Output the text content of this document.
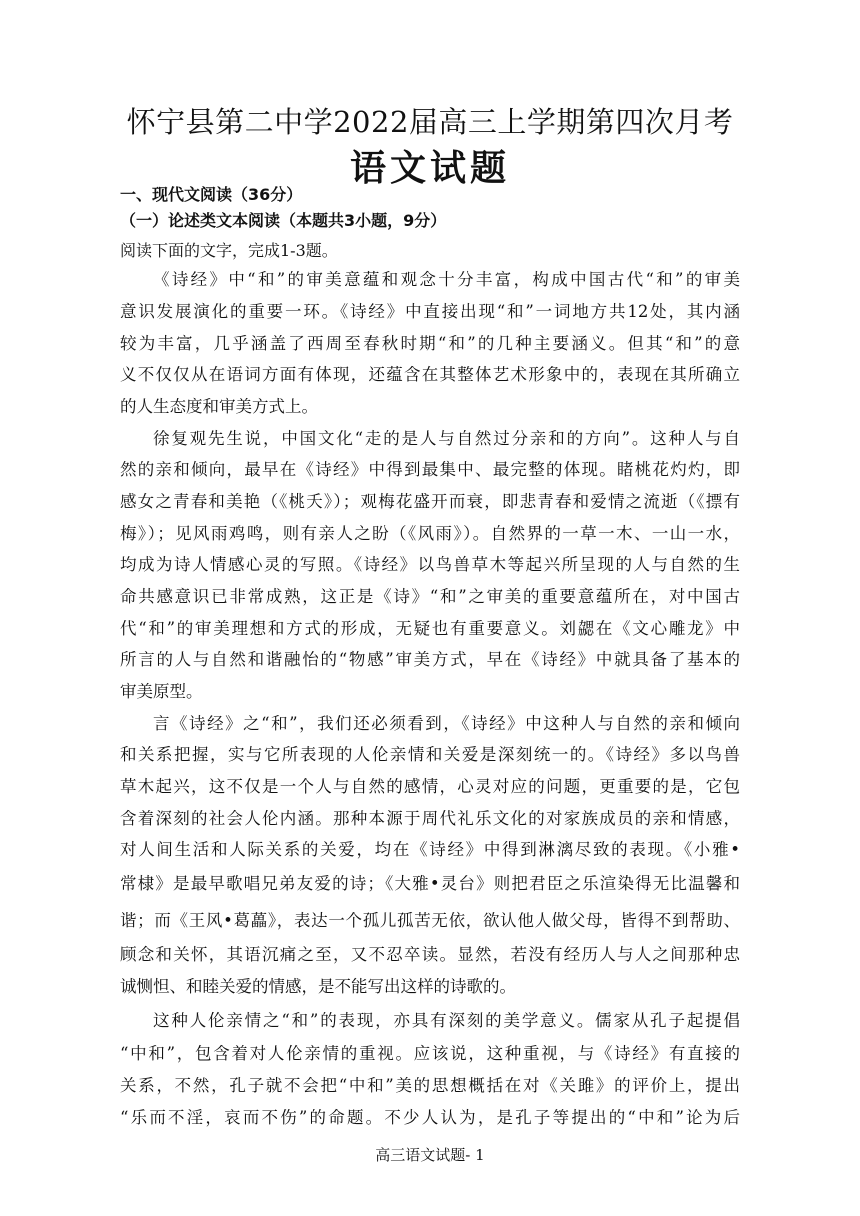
怀宁县第二中学2022届高三上学期第四次月考
语文试题
一、现代文阅读（36分）
（一）论述类文本阅读（本题共3小题，9分）
阅读下面的文字，完成1-3题。
《诗经》中“和”的审美意蕴和观念十分丰富，构成中国古代“和”的审美
意识发展演化的重要一环。《诗经》中直接出现“和”一词地方共12处，其内涵
较为丰富，几乎涵盖了西周至春秋时期“和”的几种主要涵义。但其“和”的意
义不仅仅从在语词方面有体现，还蕴含在其整体艺术形象中的，表现在其所确立
的人生态度和审美方式上。
徐复观先生说，中国文化“走的是人与自然过分亲和的方向”。这种人与自
然的亲和倾向，最早在《诗经》中得到最集中、最完整的体现。睹桃花灼灼，即
感女之青春和美艳（《桃夭》）；观梅花盛开而衰，即悲青春和爱情之流逝（《摽有
梅》）；见风雨鸡鸣，则有亲人之盼（《风雨》）。自然界的一草一木、一山一水，
均成为诗人情感心灵的写照。《诗经》以鸟兽草木等起兴所呈现的人与自然的生
命共感意识已非常成熟，这正是《诗》“和”之审美的重要意蕴所在，对中国古
代“和”的审美理想和方式的形成，无疑也有重要意义。刘勰在《文心雕龙》中
所言的人与自然和谐融怡的“物感”审美方式，早在《诗经》中就具备了基本的
审美原型。
言《诗经》之“和”，我们还必须看到，《诗经》中这种人与自然的亲和倾向
和关系把握，实与它所表现的人伦亲情和关爱是深刻统一的。《诗经》多以鸟兽
草木起兴，这不仅是一个人与自然的感情，心灵对应的问题，更重要的是，它包
含着深刻的社会人伦内涵。那种本源于周代礼乐文化的对家族成员的亲和情感，
对人间生活和人际关系的关爱，均在《诗经》中得到淋漓尽致的表现。《小雅•
常棣》是最早歌唱兄弟友爱的诗；《大雅•灵台》则把君臣之乐渲染得无比温馨和
谐；而《王风•葛藟》，表达一个孤儿孤苦无依，欲认他人做父母，皆得不到帮助、
顾念和关怀，其语沉痛之至，又不忍卒读。显然，若没有经历人与人之间那种忠
诚恻怛、和睦关爱的情感，是不能写出这样的诗歌的。
这种人伦亲情之“和”的表现，亦具有深刻的美学意义。儒家从孔子起提倡
“中和”，包含着对人伦亲情的重视。应该说，这种重视，与《诗经》有直接的
关系，不然，孔子就不会把“中和”美的思想概括在对《关雎》的评价上，提出
“乐而不淫，哀而不伤”的命题。不少人认为，是孔子等提出的“中和”论为后
高三语文试题- 1
